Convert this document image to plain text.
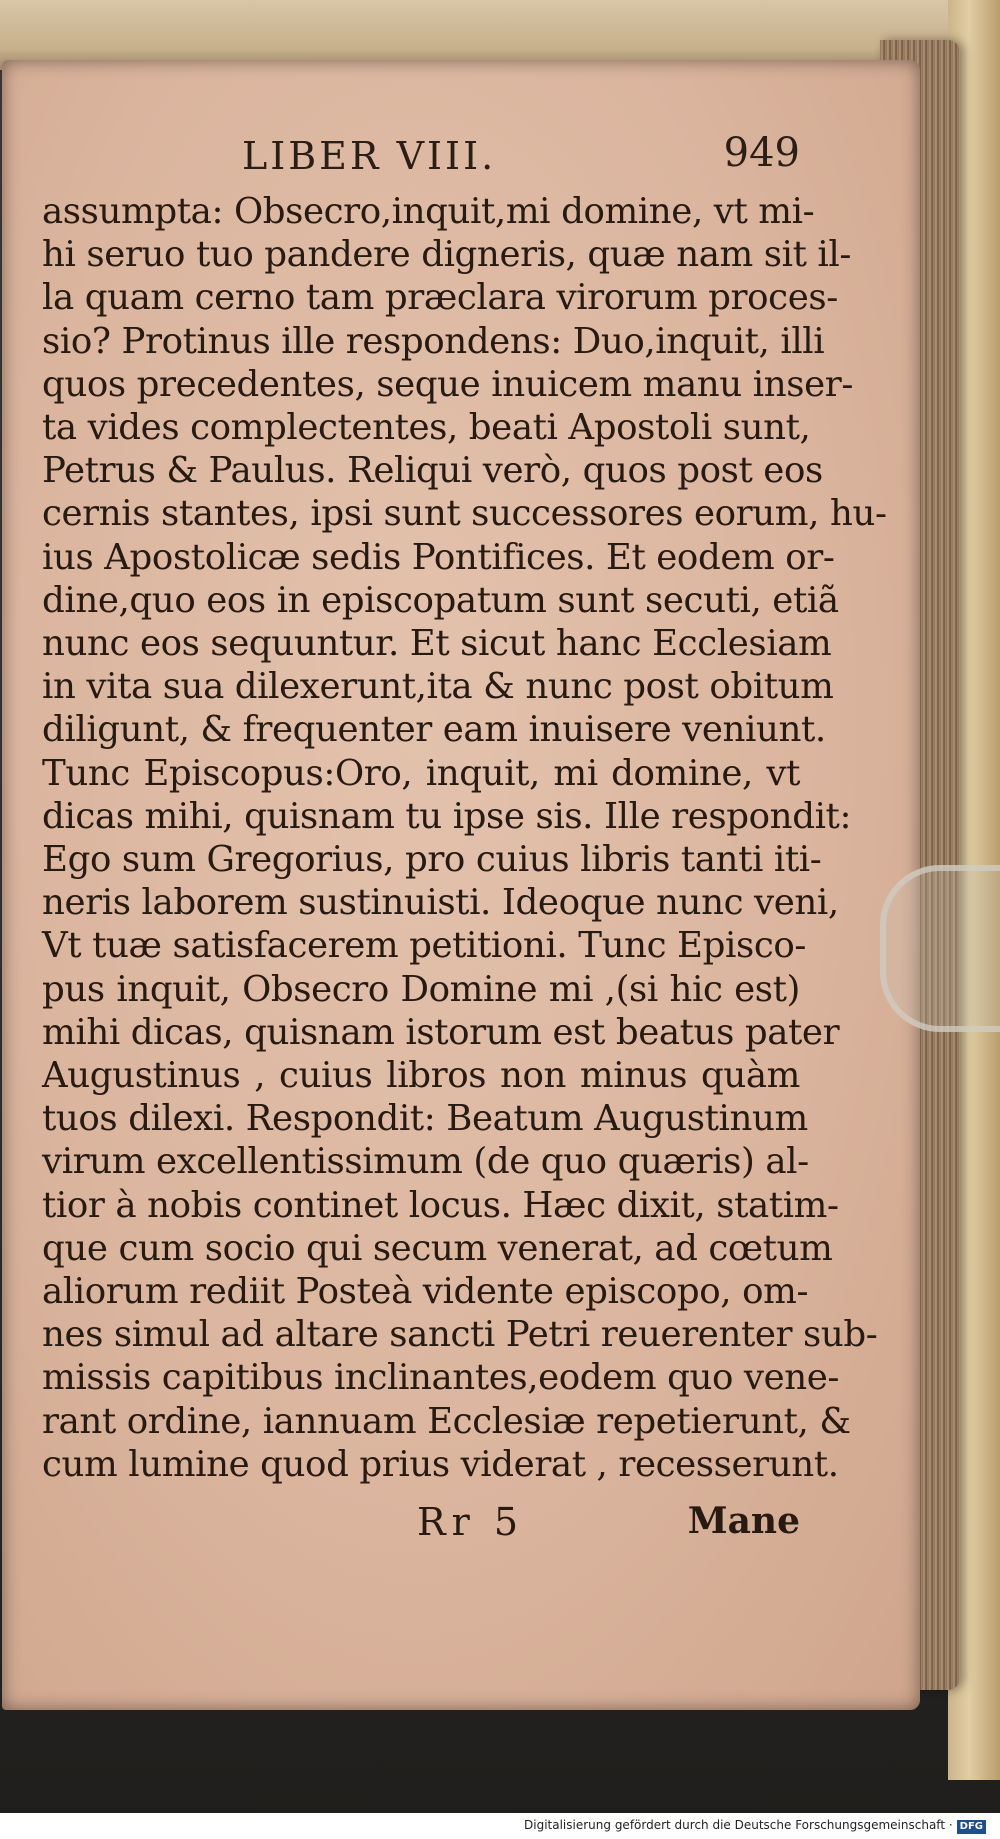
LIBER VIII.	949
assumpta: Obsecro,inquit,mi domine, vt mi-
hi seruo tuo pandere digneris, quæ nam sit il-
la quam cerno tam præclara virorum proces-
sio? Protinus ille respondens: Duo,inquit, illi
quos precedentes, seque inuicem manu inser-
ta vides complectentes, beati Apostoli sunt,
Petrus & Paulus. Reliqui verò, quos post eos
cernis stantes, ipsi sunt successores eorum, hu-
ius Apostolicæ sedis Pontifices. Et eodem or-
dine,quo eos in episcopatum sunt secuti, etiã
nunc eos sequuntur. Et sicut hanc Ecclesiam
in vita sua dilexerunt,ita & nunc post obitum
diligunt, & frequenter eam inuisere veniunt.
Tunc Episcopus:Oro, inquit, mi domine, vt
dicas mihi, quisnam tu ipse sis. Ille respondit:
Ego sum Gregorius, pro cuius libris tanti iti-
neris laborem sustinuisti. Ideoque nunc veni,
Vt tuæ satisfacerem petitioni. Tunc Episco-
pus inquit, Obsecro Domine mi ,(si hic est)
mihi dicas, quisnam istorum est beatus pater
Augustinus , cuius libros non minus quàm
tuos dilexi. Respondit: Beatum Augustinum
virum excellentissimum (de quo quæris) al-
tior à nobis continet locus. Hæc dixit, statim-
que cum socio qui secum venerat, ad cœtum
aliorum rediit Posteà vidente episcopo, om-
nes simul ad altare sancti Petri reuerenter sub-
missis capitibus inclinantes,eodem quo vene-
rant ordine, iannuam Ecclesiæ repetierunt, &
cum lumine quod prius viderat , recesserunt.
Rr 5	Mane
Digitalisierung gefördert durch die Deutsche Forschungsgemeinschaft · DFG
